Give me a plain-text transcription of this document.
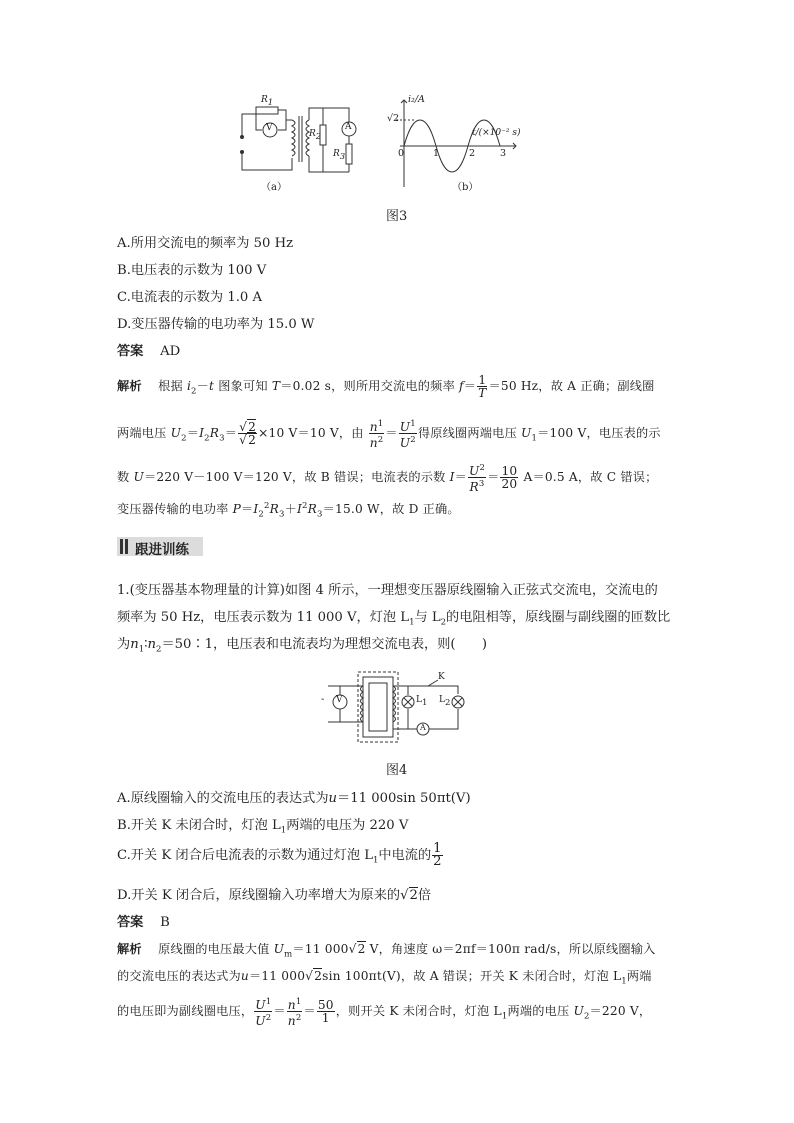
$R_1$
V
$R_2$
A
$R_3$
（a）
i₂/A
√2
t/(×10⁻² s)
0	1	2	3
（b）
图3
A.所用交流电的频率为 50 Hz
B.电压表的示数为 100 V
C.电流表的示数为 1.0 A
D.变压器传输的电功率为 15.0 W
答案 AD
解析 根据 $i_2-t$ 图象可知 T＝0.02 s，则所用交流电的频率 $f= \frac{1}{T} =50$ Hz，故 A 正确；副线圈
两端电压 $U_2=I_2R_3= \frac{√2}{√2} \times 10$ V＝10 V，由 $\frac{n^1}{n^2} = \frac{U^1}{U^2}$ 得原线圈两端电压 $U_1=100$ V，电压表的示
数 U＝220 V－100 V＝120 V，故 B 错误；电流表的示数 $I= \frac{U^2}{R^3} = \frac{10}{20} A=0.5$ A，故 C 错误；
变压器传输的电功率 $P=I_2^2R_3+I^2R_3=15.0$ W，故 D 正确。
跟进训练
1.(变压器基本物理量的计算)如图 4 所示，一理想变压器原线圈输入正弦式交流电，交流电的
频率为 50 Hz，电压表示数为 11 000 V，灯泡 $L_1$与 $L_2$的电阻相等，原线圈与副线圈的匝数比
为$n_1∶n_2=50∶1$，电压表和电流表均为理想交流电表，则(　　)
- V
K
$L_1$ $L_2$
A
图4
A.原线圈输入的交流电压的表达式为u＝11 000sin 50πt(V)
B.开关 K 未闭合时，灯泡 $L_1$两端的电压为 220 V
C.开关 K 闭合后电流表的示数为通过灯泡 $L_1$中电流的 $\frac{1}{2}$
D.开关 K 闭合后，原线圈输入功率增大为原来的√2倍
答案 B
解析 原线圈的电压最大值 $U_m=11$ 000√2 V，角速度 ω＝2πf＝100π rad/s，所以原线圈输入
的交流电压的表达式为u＝11 000√2sin 100πt(V)，故 A 错误；开关 K 未闭合时，灯泡 $L_1$两端
的电压即为副线圈电压， $\frac{U^1}{U^2} = \frac{n^1}{n^2} = \frac{50}{1}$ ，则开关 K 未闭合时，灯泡 $L_1$两端的电压 $U_2=220$ V，
